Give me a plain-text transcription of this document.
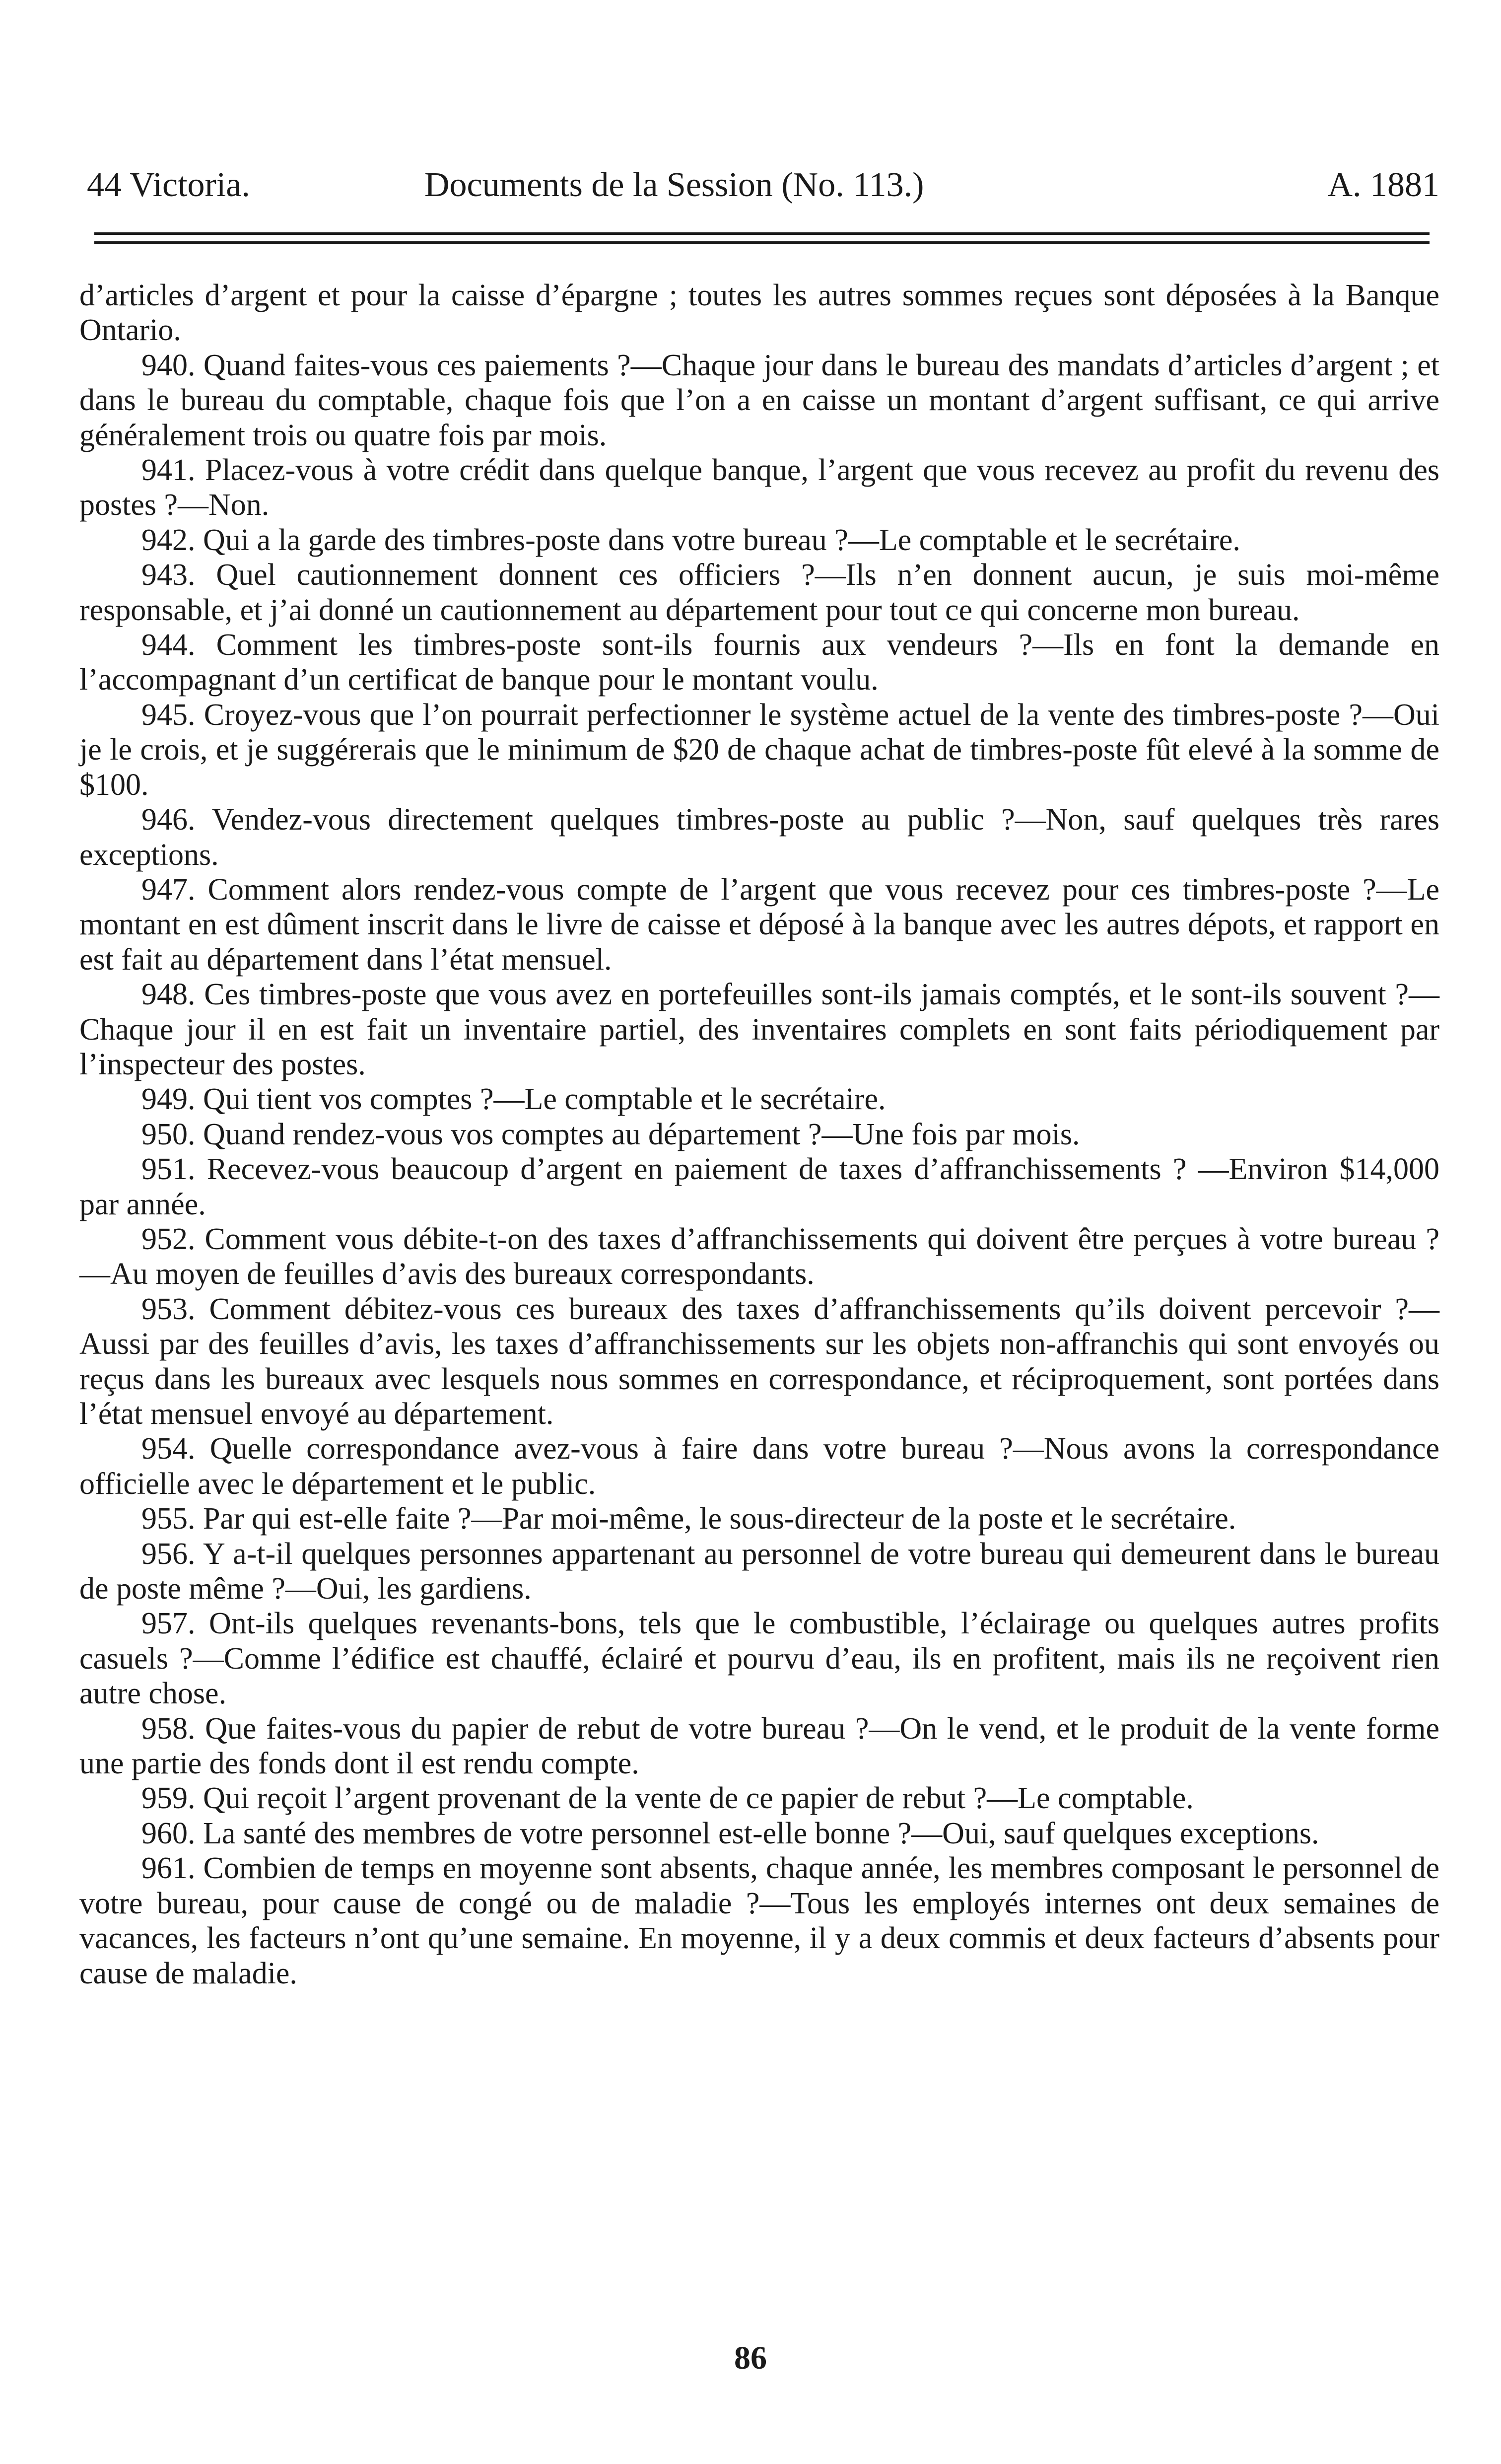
44 Victoria.	Documents de la Session (No. 113.)	A. 1881

d’articles d’argent et pour la caisse d’épargne ; toutes les autres sommes reçues sont déposées à la Banque Ontario.

940. Quand faites-vous ces paiements ?—Chaque jour dans le bureau des mandats d’articles d’argent ; et dans le bureau du comptable, chaque fois que l’on a en caisse un montant d’argent suffisant, ce qui arrive généralement trois ou quatre fois par mois.

941. Placez-vous à votre crédit dans quelque banque, l’argent que vous recevez au profit du revenu des postes ?—Non.

942. Qui a la garde des timbres-poste dans votre bureau ?—Le comptable et le secrétaire.

943. Quel cautionnement donnent ces officiers ?—Ils n’en donnent aucun, je suis moi-même responsable, et j’ai donné un cautionnement au département pour tout ce qui concerne mon bureau.

944. Comment les timbres-poste sont-ils fournis aux vendeurs ?—Ils en font la demande en l’accompagnant d’un certificat de banque pour le montant voulu.

945. Croyez-vous que l’on pourrait perfectionner le système actuel de la vente des timbres-poste ?—Oui je le crois, et je suggérerais que le minimum de $20 de chaque achat de timbres-poste fût elevé à la somme de $100.

946. Vendez-vous directement quelques timbres-poste au public ?—Non, sauf quelques très rares exceptions.

947. Comment alors rendez-vous compte de l’argent que vous recevez pour ces timbres-poste ?—Le montant en est dûment inscrit dans le livre de caisse et déposé à la banque avec les autres dépots, et rapport en est fait au département dans l’état mensuel.

948. Ces timbres-poste que vous avez en portefeuilles sont-ils jamais comptés, et le sont-ils souvent ?—Chaque jour il en est fait un inventaire partiel, des inventaires complets en sont faits périodiquement par l’inspecteur des postes.

949. Qui tient vos comptes ?—Le comptable et le secrétaire.

950. Quand rendez-vous vos comptes au département ?—Une fois par mois.

951. Recevez-vous beaucoup d’argent en paiement de taxes d’affranchissements ? —Environ $14,000 par année.

952. Comment vous débite-t-on des taxes d’affranchissements qui doivent être perçues à votre bureau ?—Au moyen de feuilles d’avis des bureaux correspondants.

953. Comment débitez-vous ces bureaux des taxes d’affranchissements qu’ils doivent percevoir ?—Aussi par des feuilles d’avis, les taxes d’affranchissements sur les objets non-affranchis qui sont envoyés ou reçus dans les bureaux avec lesquels nous sommes en correspondance, et réciproquement, sont portées dans l’état mensuel envoyé au département.

954. Quelle correspondance avez-vous à faire dans votre bureau ?—Nous avons la correspondance officielle avec le département et le public.

955. Par qui est-elle faite ?—Par moi-même, le sous-directeur de la poste et le secrétaire.

956. Y a-t-il quelques personnes appartenant au personnel de votre bureau qui demeurent dans le bureau de poste même ?—Oui, les gardiens.

957. Ont-ils quelques revenants-bons, tels que le combustible, l’éclairage ou quelques autres profits casuels ?—Comme l’édifice est chauffé, éclairé et pourvu d’eau, ils en profitent, mais ils ne reçoivent rien autre chose.

958. Que faites-vous du papier de rebut de votre bureau ?—On le vend, et le produit de la vente forme une partie des fonds dont il est rendu compte.

959. Qui reçoit l’argent provenant de la vente de ce papier de rebut ?—Le comptable.

960. La santé des membres de votre personnel est-elle bonne ?—Oui, sauf quelques exceptions.

961. Combien de temps en moyenne sont absents, chaque année, les membres composant le personnel de votre bureau, pour cause de congé ou de maladie ?—Tous les employés internes ont deux semaines de vacances, les facteurs n’ont qu’une semaine. En moyenne, il y a deux commis et deux facteurs d’absents pour cause de maladie.

86
